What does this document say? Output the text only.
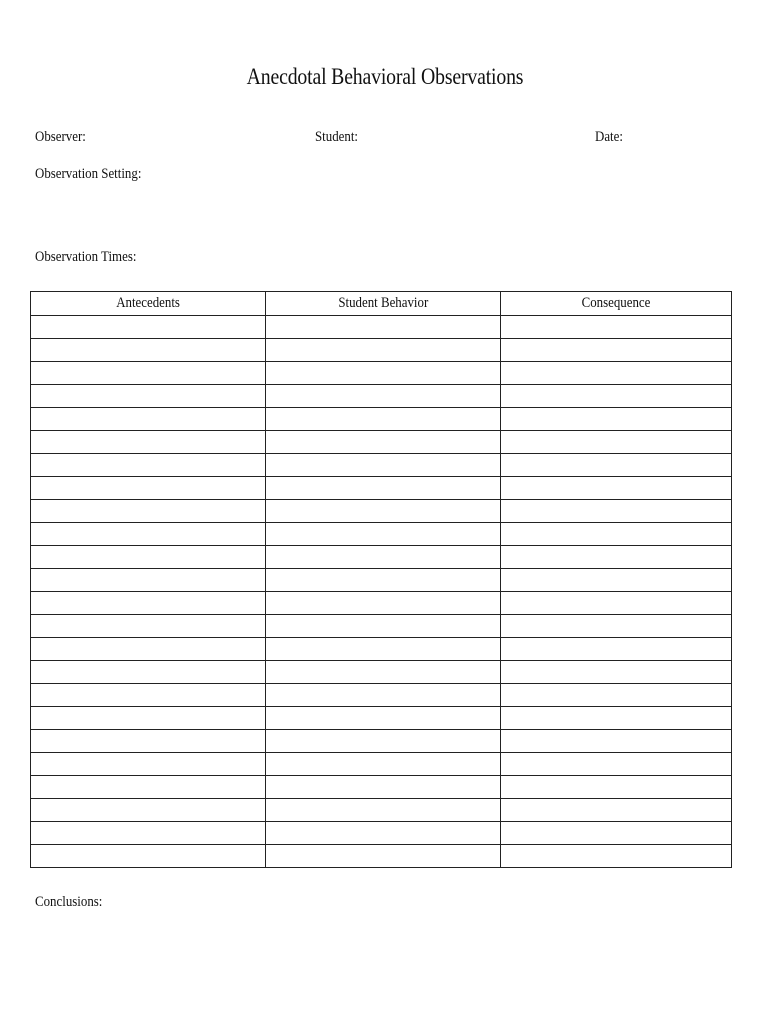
Anecdotal Behavioral Observations
Observer:	Student:	Date:
Observation Setting:
Observation Times:
Antecedents	Student Behavior	Consequence

Conclusions:
